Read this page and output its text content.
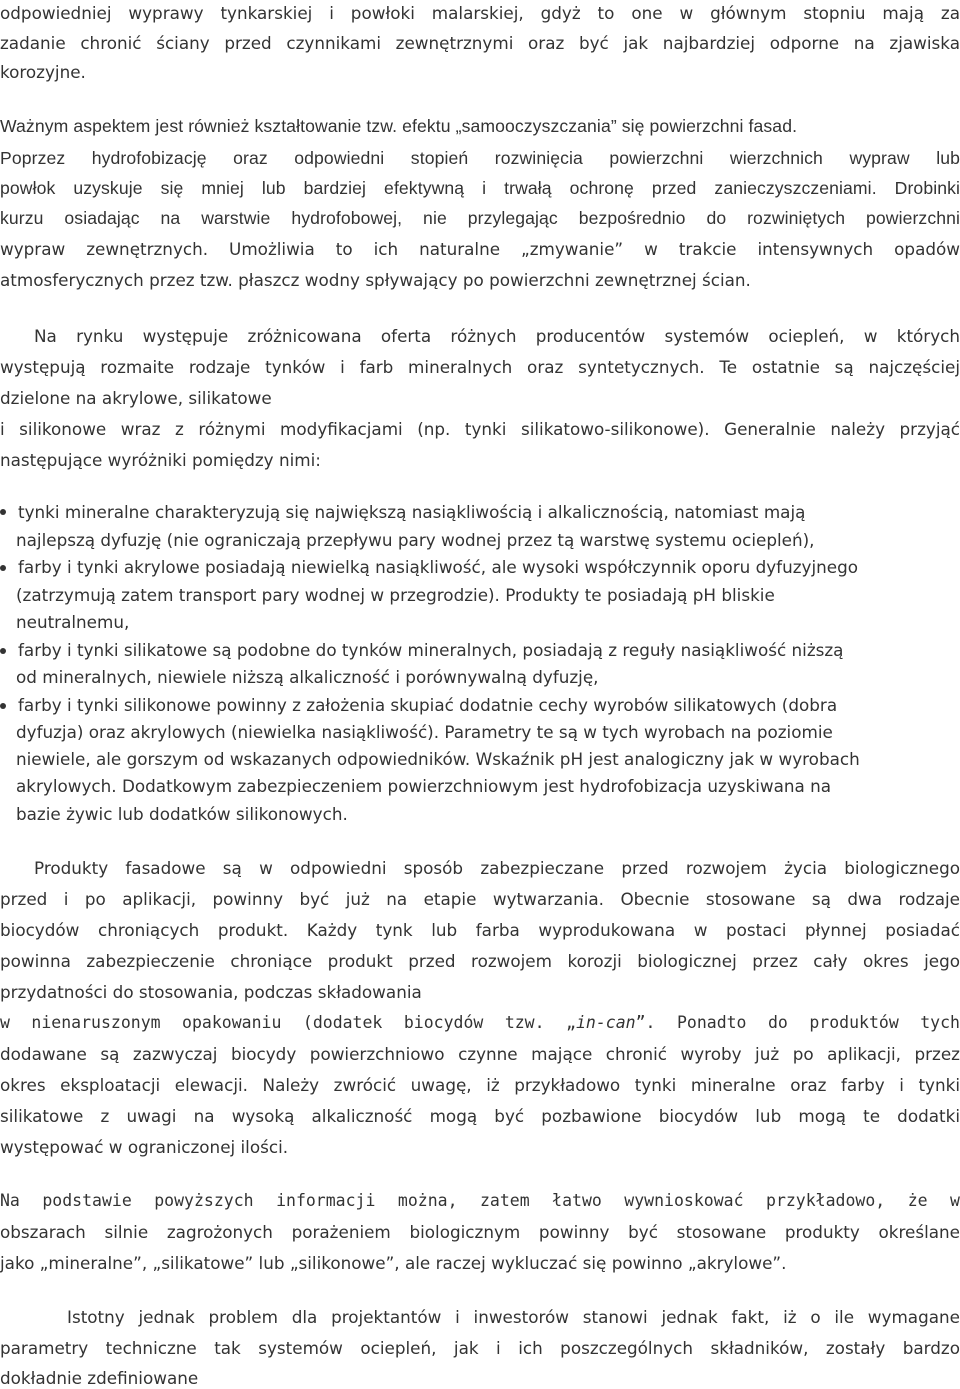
odpowiedniej wyprawy tynkarskiej i powłoki malarskiej, gdyż to one w głównym stopniu mają za
zadanie chronić ściany przed czynnikami zewnętrznymi oraz być jak najbardziej odporne na zjawiska
korozyjne.
Ważnym aspektem jest również kształtowanie tzw. efektu „samooczyszczania” się powierzchni fasad.
Poprzez hydrofobizację oraz odpowiedni stopień rozwinięcia powierzchni wierzchnich wypraw lub
powłok uzyskuje się mniej lub bardziej efektywną i trwałą ochronę przed zanieczyszczeniami. Drobinki
kurzu osiadając na warstwie hydrofobowej, nie przylegając bezpośrednio do rozwiniętych powierzchni
wypraw zewnętrznych. Umożliwia to ich naturalne „zmywanie” w trakcie intensywnych opadów
atmosferycznych przez tzw. płaszcz wodny spływający po powierzchni zewnętrznej ścian.
Na rynku występuje zróżnicowana oferta różnych producentów systemów ociepleń, w których
występują rozmaite rodzaje tynków i farb mineralnych oraz syntetycznych. Te ostatnie są najczęściej
dzielone na akrylowe, silikatowe
i silikonowe wraz z różnymi modyfikacjami (np. tynki silikatowo-silikonowe). Generalnie należy przyjąć
następujące wyróżniki pomiędzy nimi:
tynki mineralne charakteryzują się największą nasiąkliwością i alkalicznością, natomiast mają
najlepszą dyfuzję (nie ograniczają przepływu pary wodnej przez tą warstwę systemu ociepleń),
farby i tynki akrylowe posiadają niewielką nasiąkliwość, ale wysoki współczynnik oporu dyfuzyjnego
(zatrzymują zatem transport pary wodnej w przegrodzie). Produkty te posiadają pH bliskie
neutralnemu,
farby i tynki silikatowe są podobne do tynków mineralnych, posiadają z reguły nasiąkliwość niższą
od mineralnych, niewiele niższą alkaliczność i porównywalną dyfuzję,
farby i tynki silikonowe powinny z założenia skupiać dodatnie cechy wyrobów silikatowych (dobra
dyfuzja) oraz akrylowych (niewielka nasiąkliwość). Parametry te są w tych wyrobach na poziomie
niewiele, ale gorszym od wskazanych odpowiedników. Wskaźnik pH jest analogiczny jak w wyrobach
akrylowych. Dodatkowym zabezpieczeniem powierzchniowym jest hydrofobizacja uzyskiwana na
bazie żywic lub dodatków silikonowych.
Produkty fasadowe są w odpowiedni sposób zabezpieczane przed rozwojem życia biologicznego
przed i po aplikacji, powinny być już na etapie wytwarzania. Obecnie stosowane są dwa rodzaje
biocydów chroniących produkt. Każdy tynk lub farba wyprodukowana w postaci płynnej posiadać
powinna zabezpieczenie chroniące produkt przed rozwojem korozji biologicznej przez cały okres jego
przydatności do stosowania, podczas składowania
w nienaruszonym opakowaniu (dodatek biocydów tzw. „in-can”. Ponadto do produktów tych
dodawane są zazwyczaj biocydy powierzchniowo czynne mające chronić wyroby już po aplikacji, przez
okres eksploatacji elewacji. Należy zwrócić uwagę, iż przykładowo tynki mineralne oraz farby i tynki
silikatowe z uwagi na wysoką alkaliczność mogą być pozbawione biocydów lub mogą te dodatki
występować w ograniczonej ilości.
Na podstawie powyższych informacji można, zatem łatwo wywnioskować przykładowo, że w
obszarach silnie zagrożonych porażeniem biologicznym powinny być stosowane produkty określane
jako „mineralne”, „silikatowe” lub „silikonowe”, ale raczej wykluczać się powinno „akrylowe”.
Istotny jednak problem dla projektantów i inwestorów stanowi jednak fakt, iż o ile wymagane
parametry techniczne tak systemów ociepleń, jak i ich poszczególnych składników, zostały bardzo
dokładnie zdefiniowane
